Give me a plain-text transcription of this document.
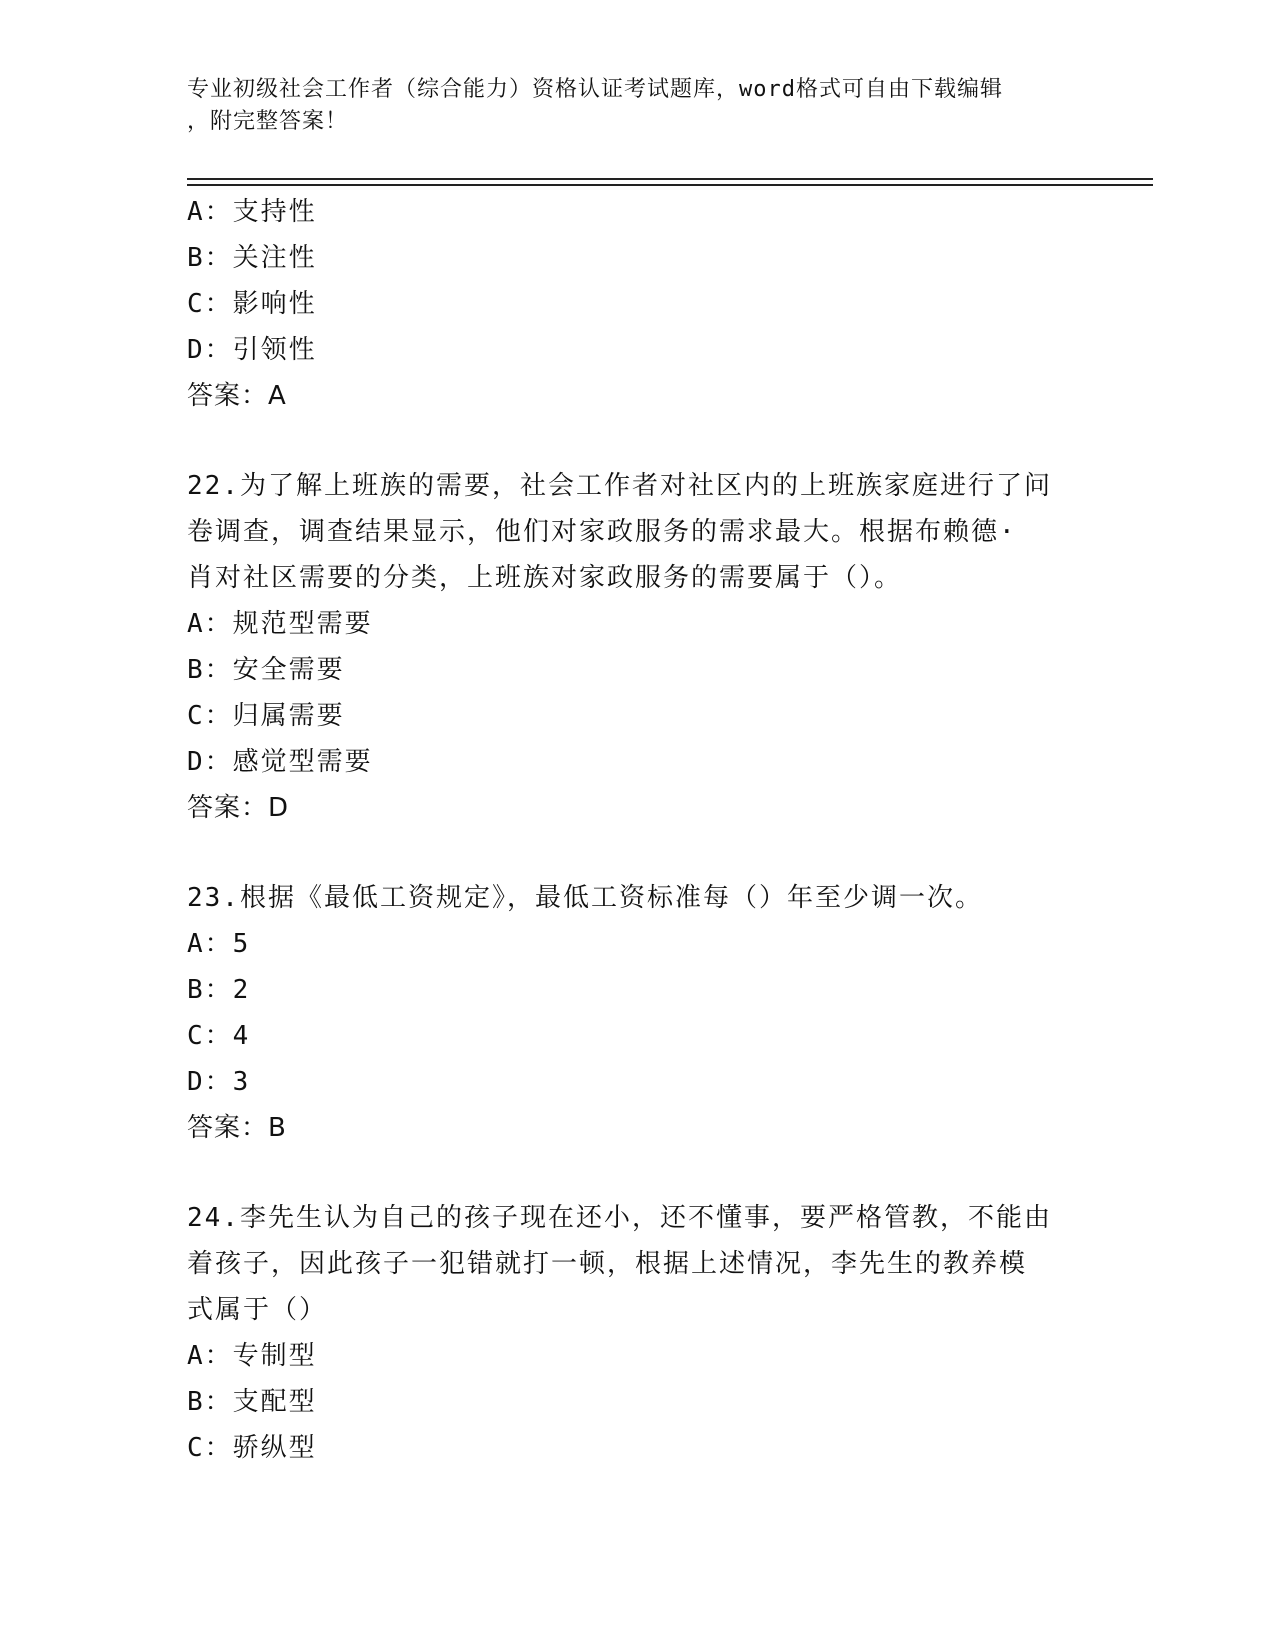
专业初级社会工作者（综合能力）资格认证考试题库，word格式可自由下载编辑
，附完整答案！
A：支持性
B：关注性
C：影响性
D：引领性
答案：A
22.为了解上班族的需要，社会工作者对社区内的上班族家庭进行了问
卷调查，调查结果显示，他们对家政服务的需求最大。根据布赖德·
肖对社区需要的分类，上班族对家政服务的需要属于（）。
A：规范型需要
B：安全需要
C：归属需要
D：感觉型需要
答案：D
23.根据《最低工资规定》，最低工资标准每（）年至少调一次。
A：5
B：2
C：4
D：3
答案：B
24.李先生认为自己的孩子现在还小，还不懂事，要严格管教，不能由
着孩子，因此孩子一犯错就打一顿，根据上述情况，李先生的教养模
式属于（）
A：专制型
B：支配型
C：骄纵型
